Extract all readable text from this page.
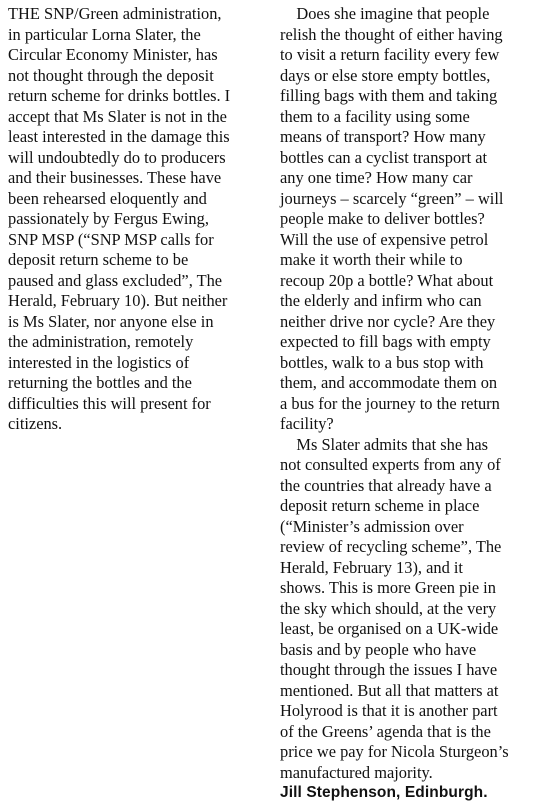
THE SNP/Green administration,
in particular Lorna Slater, the
Circular Economy Minister, has
not thought through the deposit
return scheme for drinks bottles. I
accept that Ms Slater is not in the
least interested in the damage this
will undoubtedly do to producers
and their businesses. These have
been rehearsed eloquently and
passionately by Fergus Ewing,
SNP MSP (“SNP MSP calls for
deposit return scheme to be
paused and glass excluded”, The
Herald, February 10). But neither
is Ms Slater, nor anyone else in
the administration, remotely
interested in the logistics of
returning the bottles and the
difficulties this will present for
citizens.
Does she imagine that people
relish the thought of either having
to visit a return facility every few
days or else store empty bottles,
filling bags with them and taking
them to a facility using some
means of transport? How many
bottles can a cyclist transport at
any one time? How many car
journeys – scarcely “green” – will
people make to deliver bottles?
Will the use of expensive petrol
make it worth their while to
recoup 20p a bottle? What about
the elderly and infirm who can
neither drive nor cycle? Are they
expected to fill bags with empty
bottles, walk to a bus stop with
them, and accommodate them on
a bus for the journey to the return
facility?
Ms Slater admits that she has
not consulted experts from any of
the countries that already have a
deposit return scheme in place
(“Minister’s admission over
review of recycling scheme”, The
Herald, February 13), and it
shows. This is more Green pie in
the sky which should, at the very
least, be organised on a UK-wide
basis and by people who have
thought through the issues I have
mentioned. But all that matters at
Holyrood is that it is another part
of the Greens’ agenda that is the
price we pay for Nicola Sturgeon’s
manufactured majority.
Jill Stephenson, Edinburgh.
